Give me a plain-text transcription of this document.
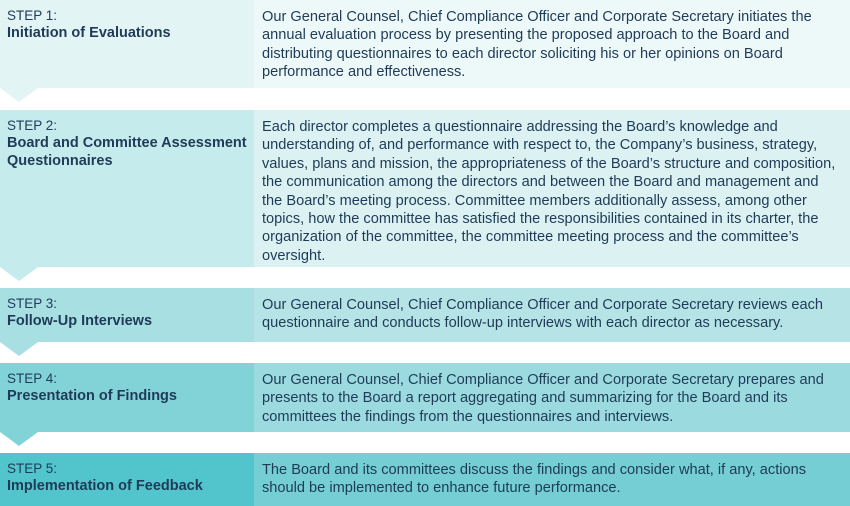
STEP 1:
Initiation of Evaluations
Our General Counsel, Chief Compliance Officer and Corporate Secretary initiates the annual evaluation process by presenting the proposed approach to the Board and distributing questionnaires to each director soliciting his or her opinions on Board performance and effectiveness.
STEP 2:
Board and Committee Assessment Questionnaires
Each director completes a questionnaire addressing the Board’s knowledge and understanding of, and performance with respect to, the Company’s business, strategy, values, plans and mission, the appropriateness of the Board’s structure and composition, the communication among the directors and between the Board and management and the Board’s meeting process. Committee members additionally assess, among other topics, how the committee has satisfied the responsibilities contained in its charter, the organization of the committee, the committee meeting process and the committee’s oversight.
STEP 3:
Follow-Up Interviews
Our General Counsel, Chief Compliance Officer and Corporate Secretary reviews each questionnaire and conducts follow-up interviews with each director as necessary.
STEP 4:
Presentation of Findings
Our General Counsel, Chief Compliance Officer and Corporate Secretary prepares and presents to the Board a report aggregating and summarizing for the Board and its committees the findings from the questionnaires and interviews.
STEP 5:
Implementation of Feedback
The Board and its committees discuss the findings and consider what, if any, actions should be implemented to enhance future performance.
